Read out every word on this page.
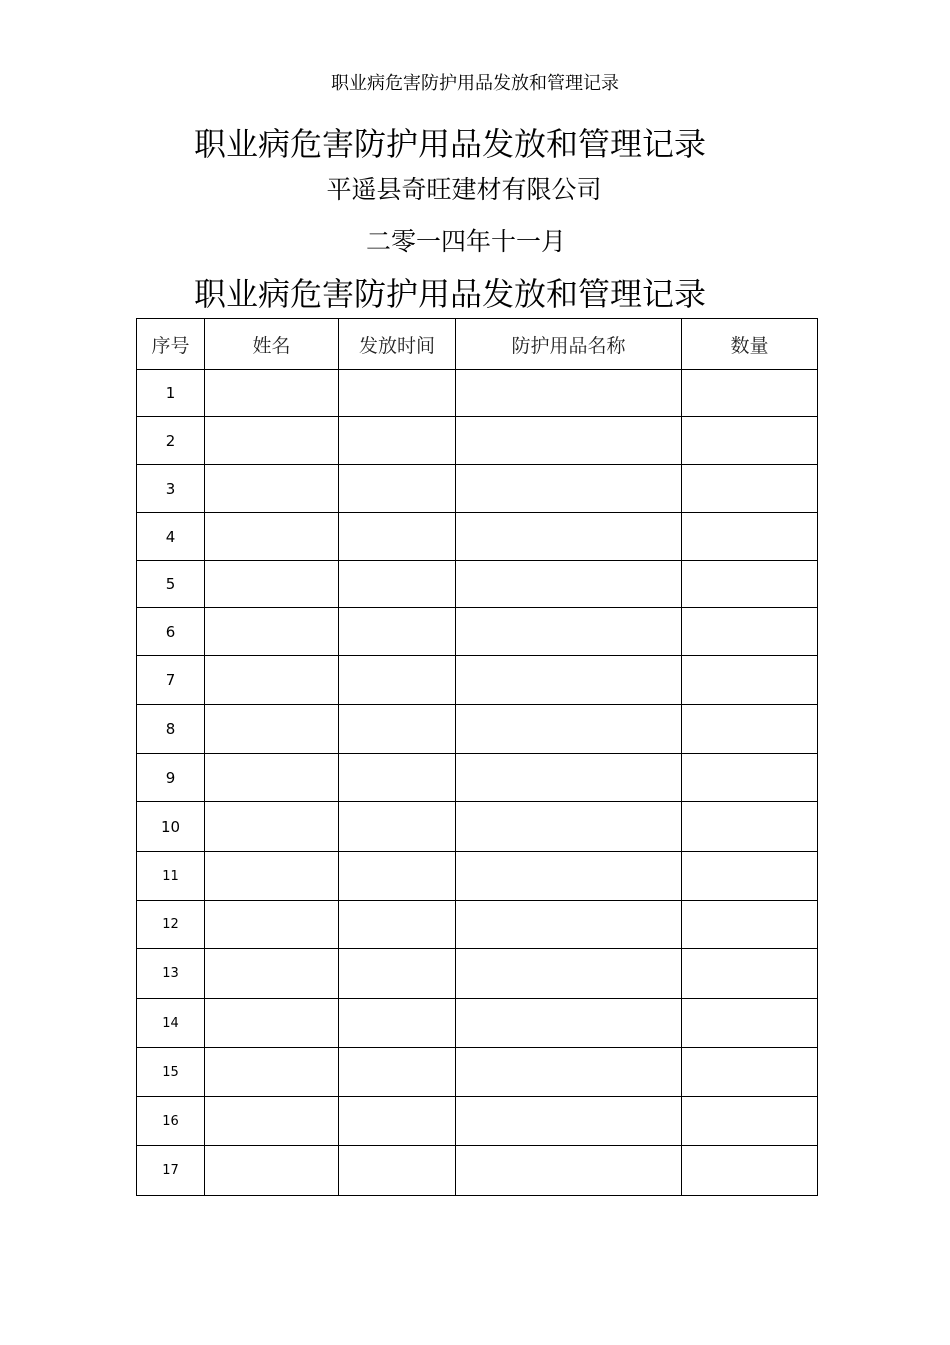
职业病危害防护用品发放和管理记录
职业病危害防护用品发放和管理记录
平遥县奇旺建材有限公司
二零一四年十一月
职业病危害防护用品发放和管理记录
序号	姓名	发放时间	防护用品名称	数量
1				
2				
3				
4				
5				
6				
7				
8				
9				
10				
11				
12				
13				
14				
15				
16				
17				
